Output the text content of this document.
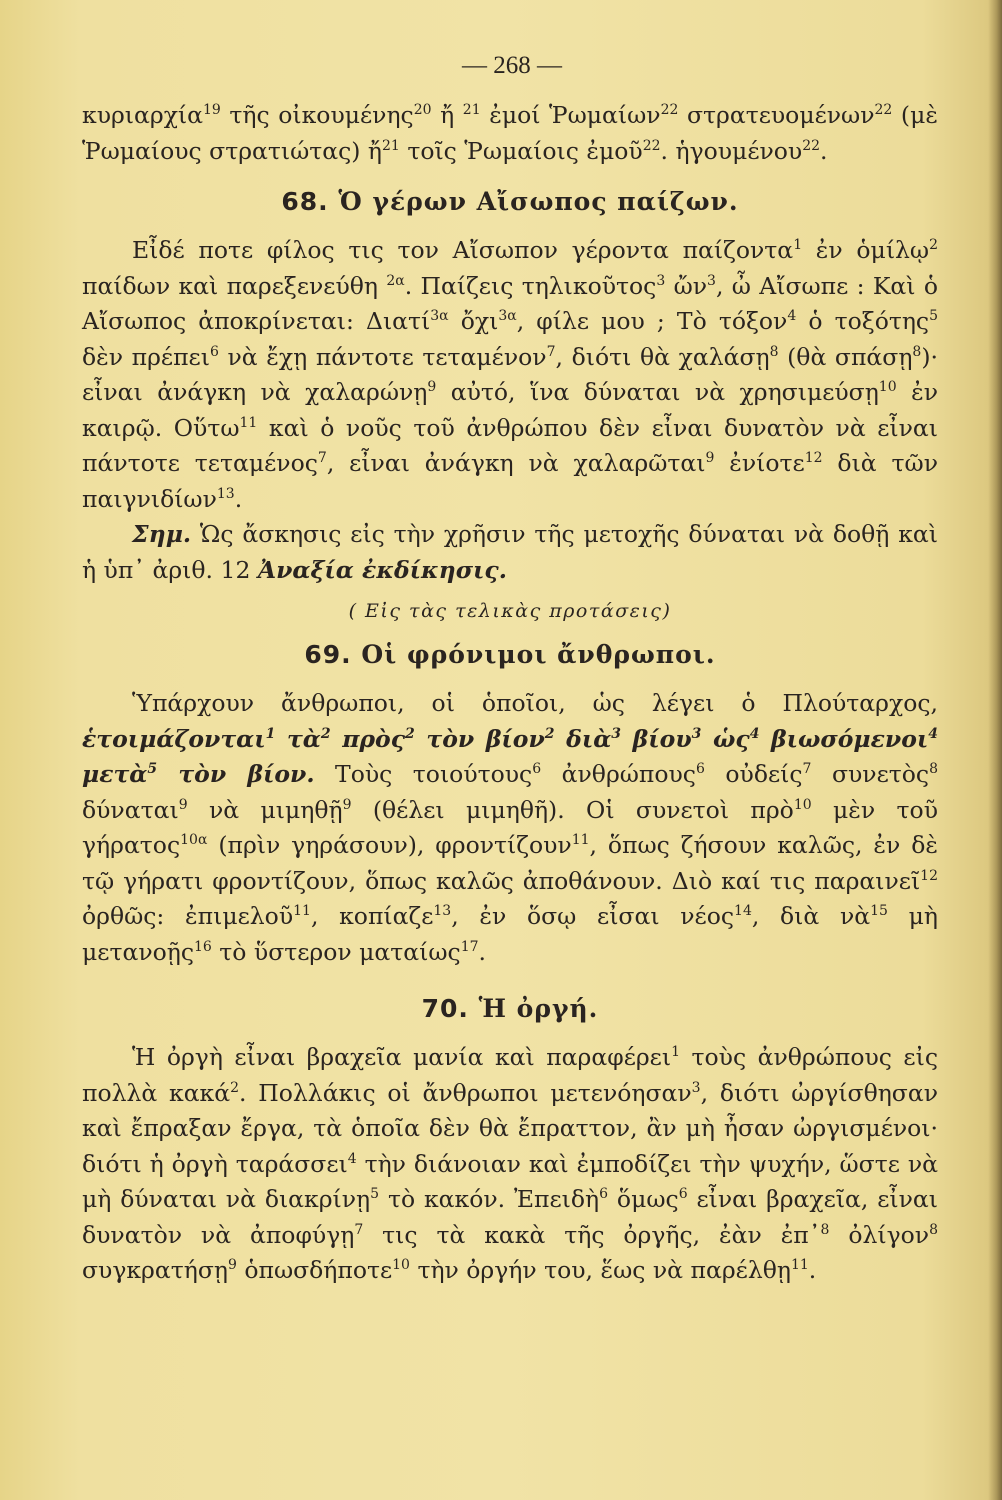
— 268 —

κυριαρχία$^{19}$ τῆς οἰκουμένης$^{20}$ ἤ $^{21}$ ἐμοί Ῥωμαίων$^{22}$ στρατευομένων$^{22}$ (μὲ Ῥωμαίους στρατιώτας) ἤ$^{21}$ τοῖς Ῥωμαίοις ἐμοῦ$^{22}$. ἡγουμένου$^{22}$.

68. Ὁ γέρων Αἴσωπος παίζων.

Εἶδέ ποτε φίλος τις τον Αἴσωπον γέροντα παίζοντα$^1$ ἐν ὁμίλῳ$^2$ παίδων καὶ παρεξενεύθη $^{2\alpha}$. Παίζεις τηλικοῦτος$^3$ ὤν$^3$, ὦ Αἴσωπε : Καὶ ὁ Αἴσωπος ἀποκρίνεται: Διατί$^{3\alpha}$ ὄχι$^{3\alpha}$, φίλε μου ; Τὸ τόξον$^4$ ὁ τοξότης$^5$ δὲν πρέπει$^6$ νὰ ἔχῃ πάντοτε τεταμένον$^7$, διότι θὰ χαλάσῃ$^8$ (θὰ σπάσῃ$^8$)· εἶναι ἀνάγκη νὰ χαλαρώνῃ$^9$ αὐτό, ἵνα δύναται νὰ χρησιμεύσῃ$^{10}$ ἐν καιρῷ. Οὕτω$^{11}$ καὶ ὁ νοῦς τοῦ ἀνθρώπου δὲν εἶναι δυνατὸν νὰ εἶναι πάντοτε τεταμένος$^7$, εἶναι ἀνάγκη νὰ χαλαρῶται$^9$ ἐνίοτε$^{12}$ διὰ τῶν παιγνιδίων$^{13}$.

Σημ. Ὡς ἄσκησις εἰς τὴν χρῆσιν τῆς μετοχῆς δύναται νὰ δοθῇ καὶ ἡ ὑπ᾽ ἀριθ. 12 Ἀναξία ἐκδίκησις.

( Εἰς τὰς τελικὰς προτάσεις)
69. Οἱ φρόνιμοι ἄνθρωποι.

Ὑπάρχουν ἄνθρωποι, οἱ ὁποῖοι, ὡς λέγει ὁ Πλούταρχος, ἑτοιμάζονται$^1$ τὰ$^2$ πρὸς$^2$ τὸν βίον$^2$ διὰ$^3$ βίου$^3$ ὡς$^4$ βιωσόμενοι$^4$ μετὰ$^5$ τὸν βίον. Τοὺς τοιούτους$^6$ ἀνθρώπους$^6$ οὐδείς$^7$ συνετὸς$^8$ δύναται$^9$ νὰ μιμηθῇ$^9$ (θέλει μιμηθῆ). Οἱ συνετοὶ πρὸ$^{10}$ μὲν τοῦ γήρατος$^{10\alpha}$ (πρὶν γηράσουν), φροντίζουν$^{11}$, ὅπως ζήσουν καλῶς, ἐν δὲ τῷ γήρατι φροντίζουν, ὅπως καλῶς ἀποθάνουν. Διὸ καί τις παραινεῖ$^{12}$ ὀρθῶς: ἐπιμελοῦ$^{11}$, κοπίαζε$^{13}$, ἐν ὅσῳ εἶσαι νέος$^{14}$, διὰ νὰ$^{15}$ μὴ μετανοῇς$^{16}$ τὸ ὕστερον ματαίως$^{17}$.

70. Ἡ ὀργή.

Ἡ ὀργὴ εἶναι βραχεῖα μανία καὶ παραφέρει$^1$ τοὺς ἀνθρώπους εἰς πολλὰ κακά$^2$. Πολλάκις οἱ ἄνθρωποι μετενόησαν$^3$, διότι ὠργίσθησαν καὶ ἔπραξαν ἔργα, τὰ ὁποῖα δὲν θὰ ἔπραττον, ἂν μὴ ἦσαν ὠργισμένοι· διότι ἡ ὀργὴ ταράσσει$^4$ τὴν διάνοιαν καὶ ἐμποδίζει τὴν ψυχήν, ὥστε νὰ μὴ δύναται νὰ διακρίνῃ$^5$ τὸ κακόν. Ἐπειδὴ$^6$ ὅμως$^6$ εἶναι βραχεῖα, εἶναι δυνατὸν νὰ ἀποφύγῃ$^7$ τις τὰ κακὰ τῆς ὀργῆς, ἐὰν ἐπ᾽$^8$ ὀλίγον$^8$ συγκρατήσῃ$^9$ ὁπωσδήποτε$^{10}$ τὴν ὀργήν του, ἕως νὰ παρέλθῃ$^{11}$.
